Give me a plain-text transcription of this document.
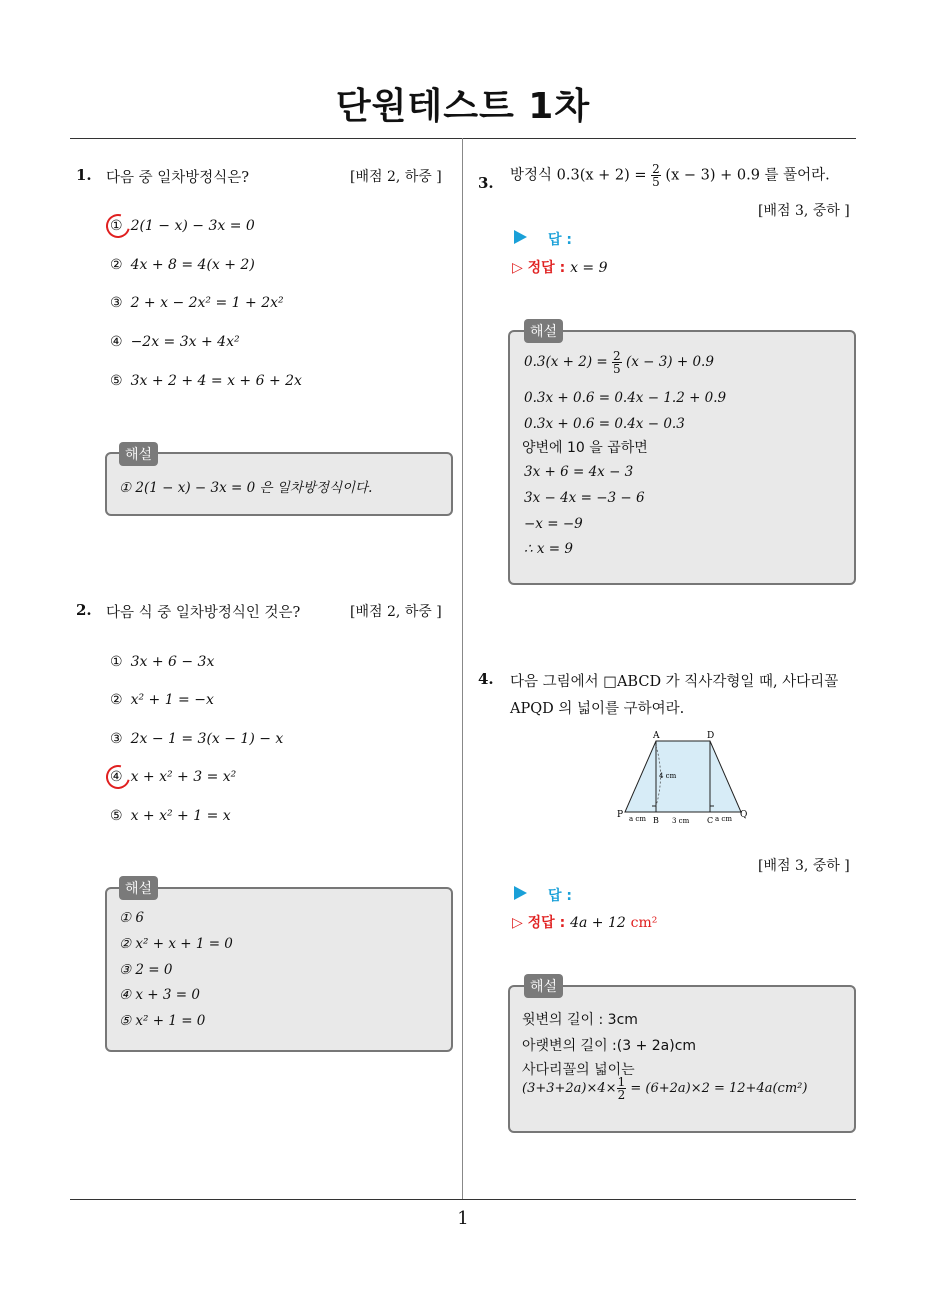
단원테스트 1차
1
1. 다음 중 일차방정식은?	[배점 2, 하중 ]
① 2(1 − x) − 3x = 0
② 4x + 8 = 4(x + 2)
③ 2 + x − 2x² = 1 + 2x²
④ −2x = 3x + 4x²
⑤ 3x + 2 + 4 = x + 6 + 2x
해설
① 2(1 − x) − 3x = 0 은 일차방정식이다.
2. 다음 식 중 일차방정식인 것은?	[배점 2, 하중 ]
① 3x + 6 − 3x
② x² + 1 = −x
③ 2x − 1 = 3(x − 1) − x
④ x + x² + 3 = x²
⑤ x + x² + 1 = x
해설
① 6
② x² + x + 1 = 0
③ 2 = 0
④ x + 3 = 0
⑤ x² + 1 = 0
3. 방정식 $0.3(x + 2) = \frac{2}{5} (x - 3) + 0.9$ 를 풀어라.
[배점 3, 중하 ]
답 :
▷ 정답 : x = 9
해설
$0.3(x + 2) = \frac{2}{5} (x - 3) + 0.9$
0.3x + 0.6 = 0.4x − 1.2 + 0.9
0.3x + 0.6 = 0.4x − 0.3
양변에 10 을 곱하면
3x + 6 = 4x − 3
3x − 4x = −3 − 6
−x = −9
∴ x = 9
4. 다음 그림에서 □ABCD 가 직사각형일 때, 사다리꼴
APQD 의 넓이를 구하여라.
A	D
P	Q
4 cm
a cm B 3 cm C a cm
[배점 3, 중하 ]
답 :
▷ 정답 : 4a + 12 cm²
해설
윗변의 길이 : 3cm
아랫변의 길이 :(3 + 2a)cm
사다리꼴의 넓이는
$(3+3+2a)\times 4\times \frac{1}{2} = (6+2a)\times 2 = 12+4a(cm^2)$
